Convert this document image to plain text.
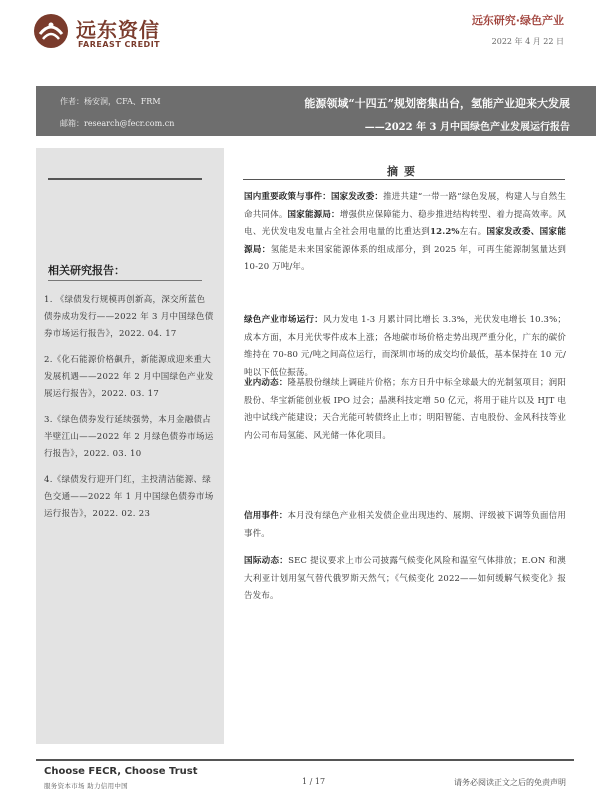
远东资信
FAREAST CREDIT
远东研究·绿色产业
2022 年 4 月 22 日
作者：杨安洞，CFA、FRM
邮箱：research@fecr.com.cn
能源领域“十四五”规划密集出台，氢能产业迎来大发展
——2022 年 3 月中国绿色产业发展运行报告
相关研究报告：
1. 《绿债发行规模再创新高，深交所蓝色债券成功发行——2022 年 3 月中国绿色债券市场运行报告》，2022. 04. 17
2.《化石能源价格飙升，新能源成迎来重大发展机遇——2022 年 2 月中国绿色产业发展运行报告》，2022. 03. 17
3.《绿色债券发行延续强势，本月金融债占半壁江山——2022 年 2 月绿色债券市场运行报告》，2022. 03. 10
4.《绿债发行迎开门红，主投清洁能源、绿色交通——2022 年 1 月中国绿色债券市场运行报告》，2022. 02. 23
摘要
国内重要政策与事件：国家发改委：推进共建“一带一路”绿色发展，构建人与自然生命共同体。国家能源局：增强供应保障能力、稳步推进结构转型、着力提高效率。风电、光伏发电发电量占全社会用电量的比重达到12.2%左右。国家发改委、国家能源局：氢能是未来国家能源体系的组成部分，到 2025 年，可再生能源制氢量达到 10-20 万吨/年。
绿色产业市场运行：风力发电 1-3 月累计同比增长 3.3%，光伏发电增长 10.3%；成本方面，本月光伏零件成本上涨；各地碳市场价格走势出现严重分化，广东的碳价维持在 70-80 元/吨之间高位运行，而深圳市场的成交均价最低，基本保持在 10 元/吨以下低位振荡。
业内动态：隆基股份继续上调硅片价格；东方日升中标全球最大的光制氢项目；润阳股份、华宝新能创业板 IPO 过会；晶澳科技定增 50 亿元，将用于硅片以及 HJT 电池中试线产能建设；天合光能可转债终止上市；明阳智能、吉电股份、金风科技等业内公司布局氢能、风光储一体化项目。
信用事件：本月没有绿色产业相关发债企业出现违约、展期、评级被下调等负面信用事件。
国际动态：SEC 提议要求上市公司披露气候变化风险和温室气体排放；E.ON 和澳大利亚计划用氢气替代俄罗斯天然气；《气候变化 2022——如何缓解气候变化》报告发布。
Choose FECR, Choose Trust
服务资本市场 助力信用中国	1 / 17	请务必阅读正文之后的免责声明
